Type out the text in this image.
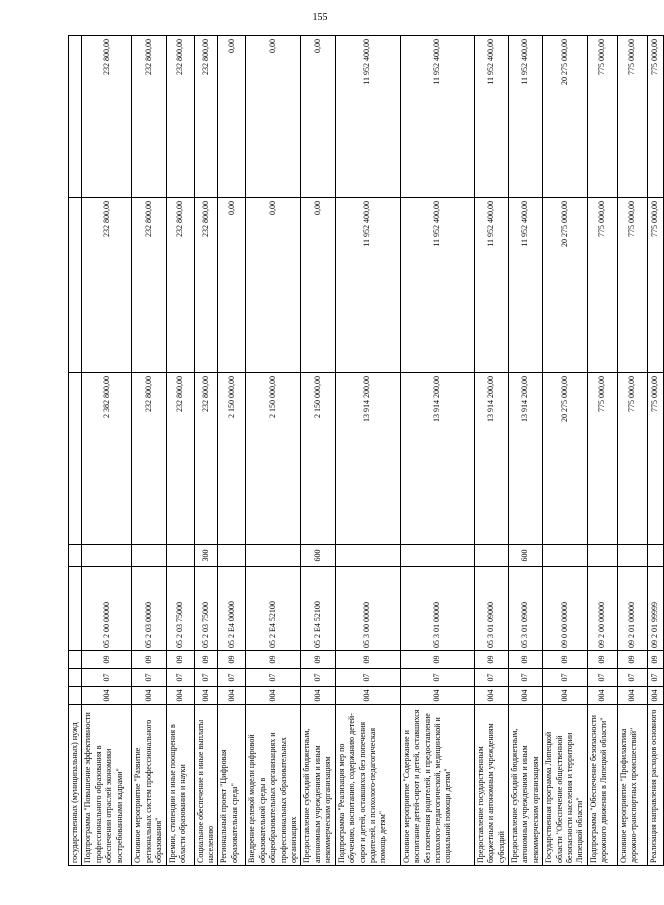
155
государственных (муниципальных) нужд								
Подпрограмма "Повышение эффективности профессионального образования в обеспечении отраслей экономики востребованными кадрами"	004	07	09	05 2 00 00000		2 382 800,00	232 800,00	232 800,00
Основное мероприятие "Развитие региональных систем профессионального образования"	004	07	09	05 2 03 00000		232 800,00	232 800,00	232 800,00
Премии, стипендии и иные поощрения в области образования и науки	004	07	09	05 2 03 75000		232 800,00	232 800,00	232 800,00
Социальное обеспечение и иные выплаты населению	004	07	09	05 2 03 75000	300	232 800,00	232 800,00	232 800,00
Региональный проект "Цифровая образовательная среда"	004	07	09	05 2 Е4 00000		2 150 000,00	0,00	0,00
Внедрение целевой модели цифровой образовательной среды в общеобразовательных организациях и профессиональных образовательных организациях	004	07	09	05 2 Е4 52100		2 150 000,00	0,00	0,00
Предоставление субсидий бюджетным, автономным учреждениям и иным некоммерческим организациям	004	07	09	05 2 Е4 52100	600	2 150 000,00	0,00	0,00
Подпрограмма "Реализация мер по обучению, воспитанию, содержанию детей-сирот и детей, оставшихся без попечения родителей, и психолого-педагогическая помощь детям"	004	07	09	05 3 00 00000		13 914 200,00	11 952 400,00	11 952 400,00
Основное мероприятие "Содержание и воспитание детей-сирот и детей, оставшихся без попечения родителей, и предоставление психолого-педагогической, медицинской и социальной помощи детям"	004	07	09	05 3 01 00000		13 914 200,00	11 952 400,00	11 952 400,00
Предоставление государственным бюджетным и автономным учреждениям субсидий	004	07	09	05 3 01 09000		13 914 200,00	11 952 400,00	11 952 400,00
Предоставление субсидий бюджетным, автономным учреждениям и иным некоммерческим организациям	004	07	09	05 3 01 09000	600	13 914 200,00	11 952 400,00	11 952 400,00
Государственная программа Липецкой области "Обеспечение общественной безопасности населения и территории Липецкой области"	004	07	09	09 0 00 00000		20 275 000,00	20 275 000,00	20 275 000,00
Подпрограмма "Обеспечение безопасности дорожного движения в Липецкой области"	004	07	09	09 2 00 00000		775 000,00	775 000,00	775 000,00
Основное мероприятие "Профилактика дорожно-транспортных происшествий"	004	07	09	09 2 01 00000		775 000,00	775 000,00	775 000,00
Реализация направления расходов основного	004	07	09	09 2 01 99999		775 000,00	775 000,00	775 000,00
